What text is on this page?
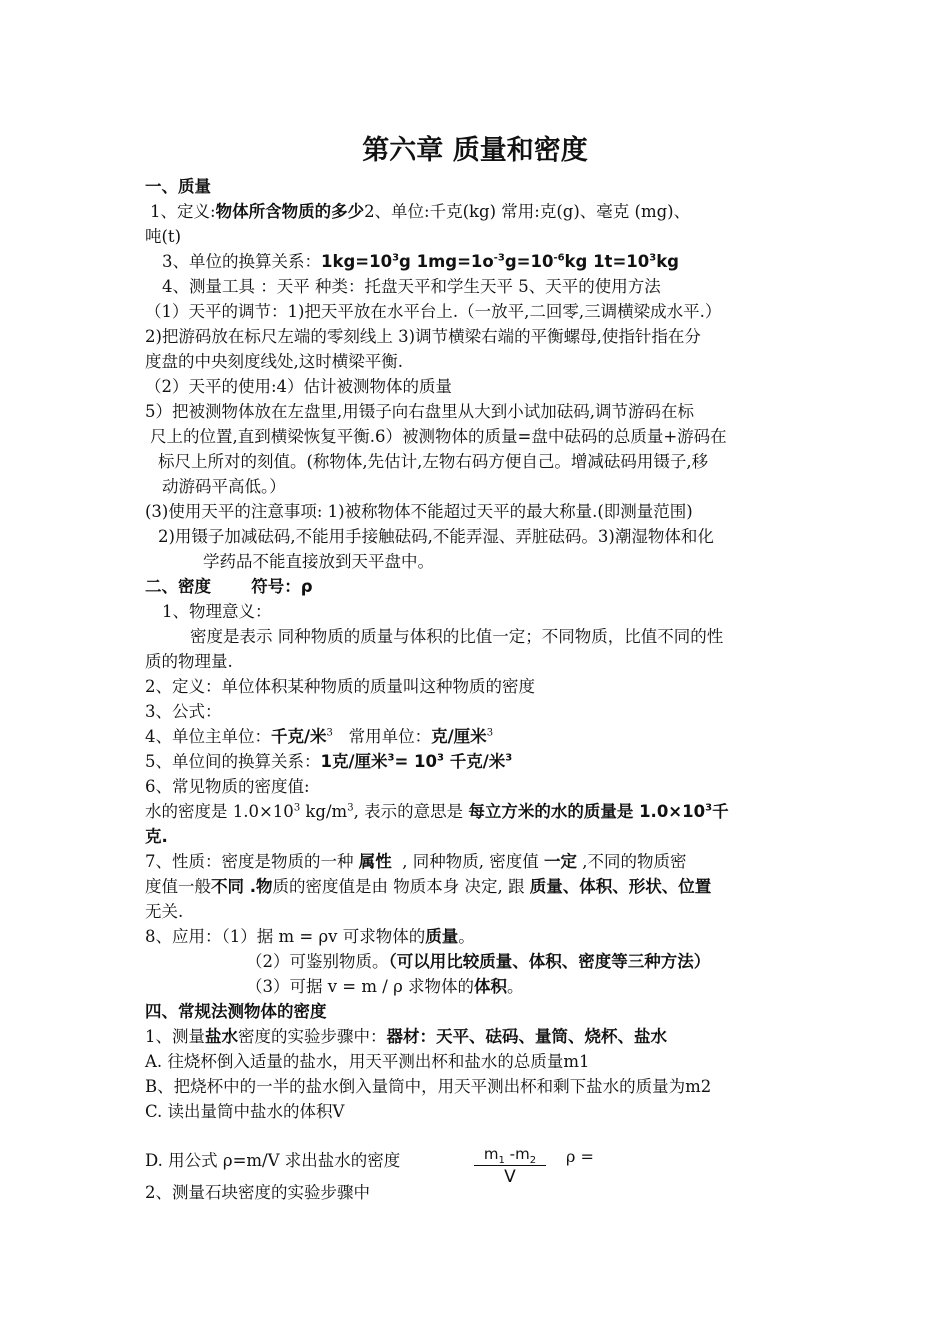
第六章 质量和密度
一、质量
1、定义:物体所含物质的多少2、单位:千克(kg) 常用:克(g)、毫克 (mg)、
吨(t)
3、单位的换算关系：$1kg=10^3g$ $1mg=1o^{-3}g=10^{-6}kg$ $1t=10^3kg$
4、测量工具 ：天平 种类：托盘天平和学生天平 5、天平的使用方法
（1）天平的调节：1)把天平放在水平台上.（一放平,二回零,三调横梁成水平.）
2)把游码放在标尺左端的零刻线上 3)调节横梁右端的平衡螺母,使指针指在分
度盘的中央刻度线处,这时横梁平衡.
（2）天平的使用:4）估计被测物体的质量
5）把被测物体放在左盘里,用镊子向右盘里从大到小试加砝码,调节游码在标
尺上的位置,直到横梁恢复平衡.6）被测物体的质量=盘中砝码的总质量+游码在
标尺上所对的刻值。(称物体,先估计,左物右码方便自己。增减砝码用镊子,移
动游码平高低。）
(3)使用天平的注意事项: 1)被称物体不能超过天平的最大称量.(即测量范围)
2)用镊子加减砝码,不能用手接触砝码,不能弄湿、弄脏砝码。3)潮湿物体和化
学药品不能直接放到天平盘中。
二、密度       符号：ρ
1、物理意义：
密度是表示 同种物质的质量与体积的比值一定；不同物质，比值不同的性
质的物理量.
2、定义：单位体积某种物质的质量叫这种物质的密度
3、公式：
4、单位主单位：千克/米$^3$   常用单位：克/厘米$^3$
5、单位间的换算关系：1克/厘米$^3= 10^3$ 千克/米$^3$
6、常见物质的密度值:
水的密度是 $1.0\times 10^3$ $kg/m^3$, 表示的意思是 每立方米的水的质量是 $1.0\times 10^3$千
克.
7、性质：密度是物质的一种 属性  , 同种物质, 密度值 一定 ,不同的物质密
度值一般不同 .物质的密度值是由 物质本身 决定, 跟 质量、体积、形状、位置
无关.
8、应用：（1）据 m = ρv 可求物体的质量。
（2）可鉴别物质。（可以用比较质量、体积、密度等三种方法）
（3）可据 v = m / ρ 求物体的体积。
四、常规法测物体的密度
1、测量盐水密度的实验步骤中：器材：天平、砝码、量筒、烧杯、盐水
A. 往烧杯倒入适量的盐水，用天平测出杯和盐水的总质量m1
B、把烧杯中的一半的盐水倒入量筒中，用天平测出杯和剩下盐水的质量为m2
C. 读出量筒中盐水的体积V
D. 用公式 ρ=m/V 求出盐水的密度	$\frac{m_1 -m_2}{V}$ ρ =
2、测量石块密度的实验步骤中
